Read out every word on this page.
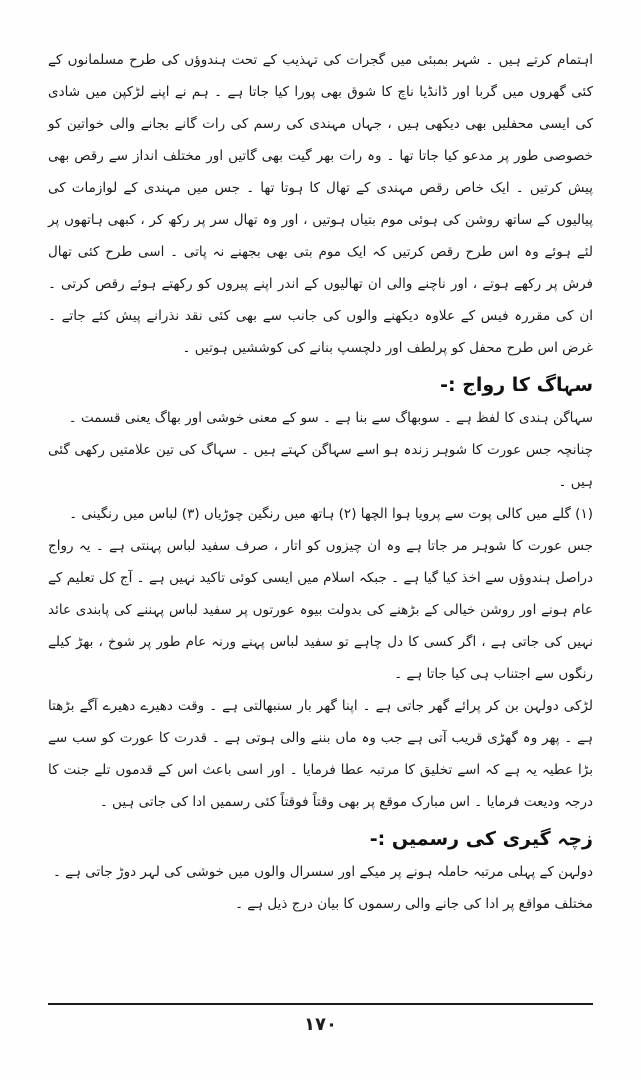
اہتمام کرتے ہیں ۔ شہر بمبئی میں گجرات کی تہذیب کے تحت ہندوؤں کی طرح مسلمانوں کے کئی گھروں میں گربا اور ڈانڈیا ناچ کا شوق بھی پورا کیا جاتا ہے ۔ ہم نے اپنے لڑکپن میں شادی کی ایسی محفلیں بھی دیکھی ہیں ، جہاں مہندی کی رسم کی رات گانے بجانے والی خواتین کو خصوصی طور پر مدعو کیا جاتا تھا ۔ وہ رات بھر گیت بھی گاتیں اور مختلف انداز سے رقص بھی پیش کرتیں ۔ ایک خاص رقص مہندی کے تھال کا ہوتا تھا ۔ جس میں مہندی کے لوازمات کی پیالیوں کے ساتھ روشن کی ہوئی موم بتیاں ہوتیں ، اور وہ تھال سر پر رکھ کر ، کبھی ہاتھوں پر لئے ہوئے وہ اس طرح رقص کرتیں کہ ایک موم بتی بھی بجھنے نہ پاتی ۔ اسی طرح کئی تھال فرش پر رکھے ہوتے ، اور ناچنے والی ان تھالیوں کے اندر اپنے پیروں کو رکھتے ہوئے رقص کرتی ۔ ان کی مقررہ فیس کے علاوہ دیکھنے والوں کی جانب سے بھی کئی نقد نذرانے پیش کئے جاتے ۔ غرض اس طرح محفل کو پرلطف اور دلچسپ بنانے کی کوششیں ہوتیں ۔

سہاگ کا رواج :-

سہاگن ہندی کا لفظ ہے ۔ سوبھاگ سے بنا ہے ۔ سو کے معنی خوشی اور بھاگ یعنی قسمت ۔

چنانچہ جس عورت کا شوہر زندہ ہو اسے سہاگن کہتے ہیں ۔ سہاگ کی تین علامتیں رکھی گئی ہیں ۔

(۱) گلے میں کالی پوت سے پرویا ہوا الچھا (۲) ہاتھ میں رنگین چوڑیاں (۳) لباس میں رنگینی ۔

جس عورت کا شوہر مر جاتا ہے وہ ان چیزوں کو اتار ، صرف سفید لباس پہنتی ہے ۔ یہ رواج دراصل ہندوؤں سے اخذ کیا گیا ہے ۔ جبکہ اسلام میں ایسی کوئی تاکید نہیں ہے ۔ آج کل تعلیم کے عام ہونے اور روشن خیالی کے بڑھنے کی بدولت بیوہ عورتوں پر سفید لباس پہننے کی پابندی عائد نہیں کی جاتی ہے ، اگر کسی کا دل چاہے تو سفید لباس پہنے ورنہ عام طور پر شوخ ، بھڑ کیلے رنگوں سے اجتناب ہی کیا جاتا ہے ۔

لڑکی دولہن بن کر پرائے گھر جاتی ہے ۔ اپنا گھر بار سنبھالتی ہے ۔ وقت دھیرے دھیرے آگے بڑھتا ہے ۔ پھر وہ گھڑی قریب آتی ہے جب وہ ماں بننے والی ہوتی ہے ۔ قدرت کا عورت کو سب سے بڑا عطیہ یہ ہے کہ اسے تخلیق کا مرتبہ عطا فرمایا ۔ اور اسی باعث اس کے قدموں تلے جنت کا درجہ ودیعت فرمایا ۔ اس مبارک موقع پر بھی وقتاً فوقتاً کئی رسمیں ادا کی جاتی ہیں ۔

زچہ گیری کی رسمیں :-

دولہن کے پہلی مرتبہ حاملہ ہونے پر میکے اور سسرال والوں میں خوشی کی لہر دوڑ جاتی ہے ۔

مختلف مواقع پر ادا کی جانے والی رسموں کا بیان درج ذیل ہے ۔

۱۷۰
